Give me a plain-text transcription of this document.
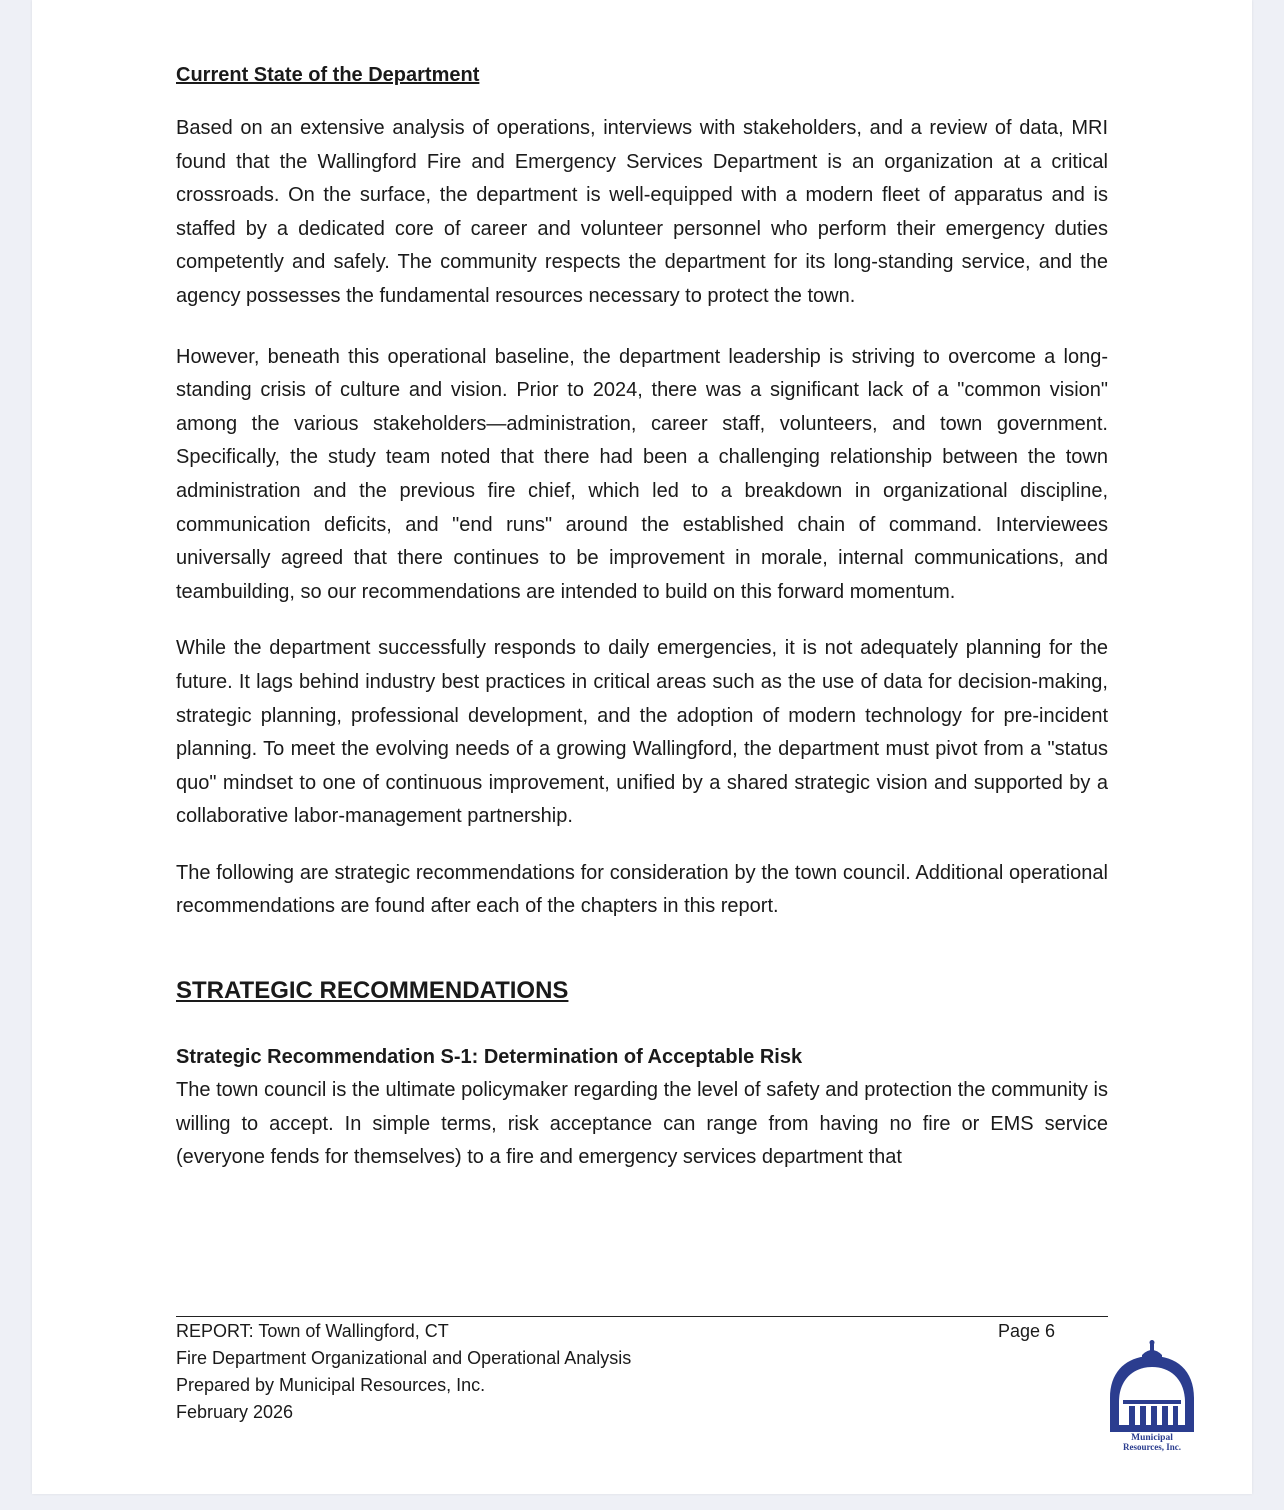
Current State of the Department

Based on an extensive analysis of operations, interviews with stakeholders, and a review of data, MRI found that the Wallingford Fire and Emergency Services Department is an organization at a critical crossroads. On the surface, the department is well-equipped with a modern fleet of apparatus and is staffed by a dedicated core of career and volunteer personnel who perform their emergency duties competently and safely. The community respects the department for its long-standing service, and the agency possesses the fundamental resources necessary to protect the town.

However, beneath this operational baseline, the department leadership is striving to overcome a long-standing crisis of culture and vision. Prior to 2024, there was a significant lack of a "common vision" among the various stakeholders—administration, career staff, volunteers, and town government. Specifically, the study team noted that there had been a challenging relationship between the town administration and the previous fire chief, which led to a breakdown in organizational discipline, communication deficits, and "end runs" around the established chain of command. Interviewees universally agreed that there continues to be improvement in morale, internal communications, and teambuilding, so our recommendations are intended to build on this forward momentum.

While the department successfully responds to daily emergencies, it is not adequately planning for the future. It lags behind industry best practices in critical areas such as the use of data for decision-making, strategic planning, professional development, and the adoption of modern technology for pre-incident planning. To meet the evolving needs of a growing Wallingford, the department must pivot from a "status quo" mindset to one of continuous improvement, unified by a shared strategic vision and supported by a collaborative labor-management partnership.

The following are strategic recommendations for consideration by the town council. Additional operational recommendations are found after each of the chapters in this report.

STRATEGIC RECOMMENDATIONS
Strategic Recommendation S-1: Determination of Acceptable Risk

The town council is the ultimate policymaker regarding the level of safety and protection the community is willing to accept. In simple terms, risk acceptance can range from having no fire or EMS service (everyone fends for themselves) to a fire and emergency services department that

REPORT: Town of Wallingford, CT
Fire Department Organizational and Operational Analysis
Prepared by Municipal Resources, Inc.
February 2026
Page 6
Municipal
Resources, Inc.
